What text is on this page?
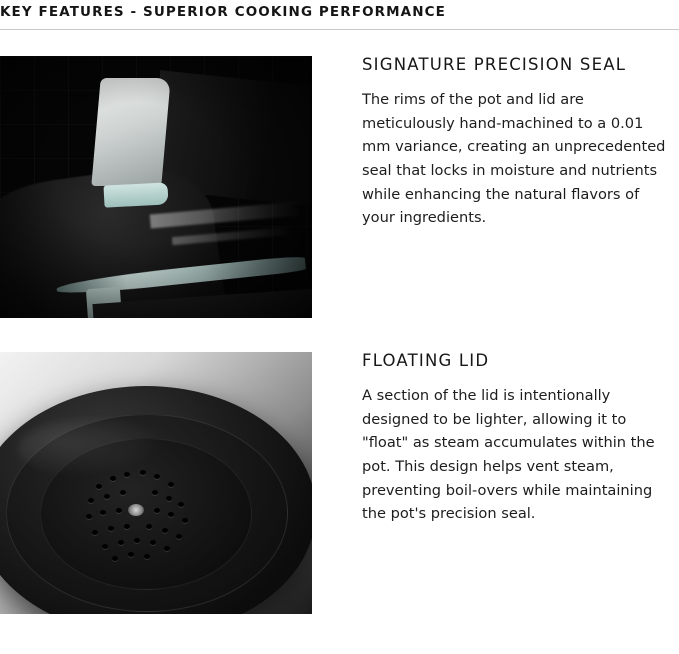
KEY FEATURES - SUPERIOR COOKING PERFORMANCE
SIGNATURE PRECISION SEAL

The rims of the pot and lid are meticulously hand-machined to a 0.01 mm variance, creating an unprecedented seal that locks in moisture and nutrients while enhancing the natural flavors of your ingredients.

FLOATING LID

A section of the lid is intentionally designed to be lighter, allowing it to "float" as steam accumulates within the pot. This design helps vent steam, preventing boil-overs while maintaining the pot's precision seal.
